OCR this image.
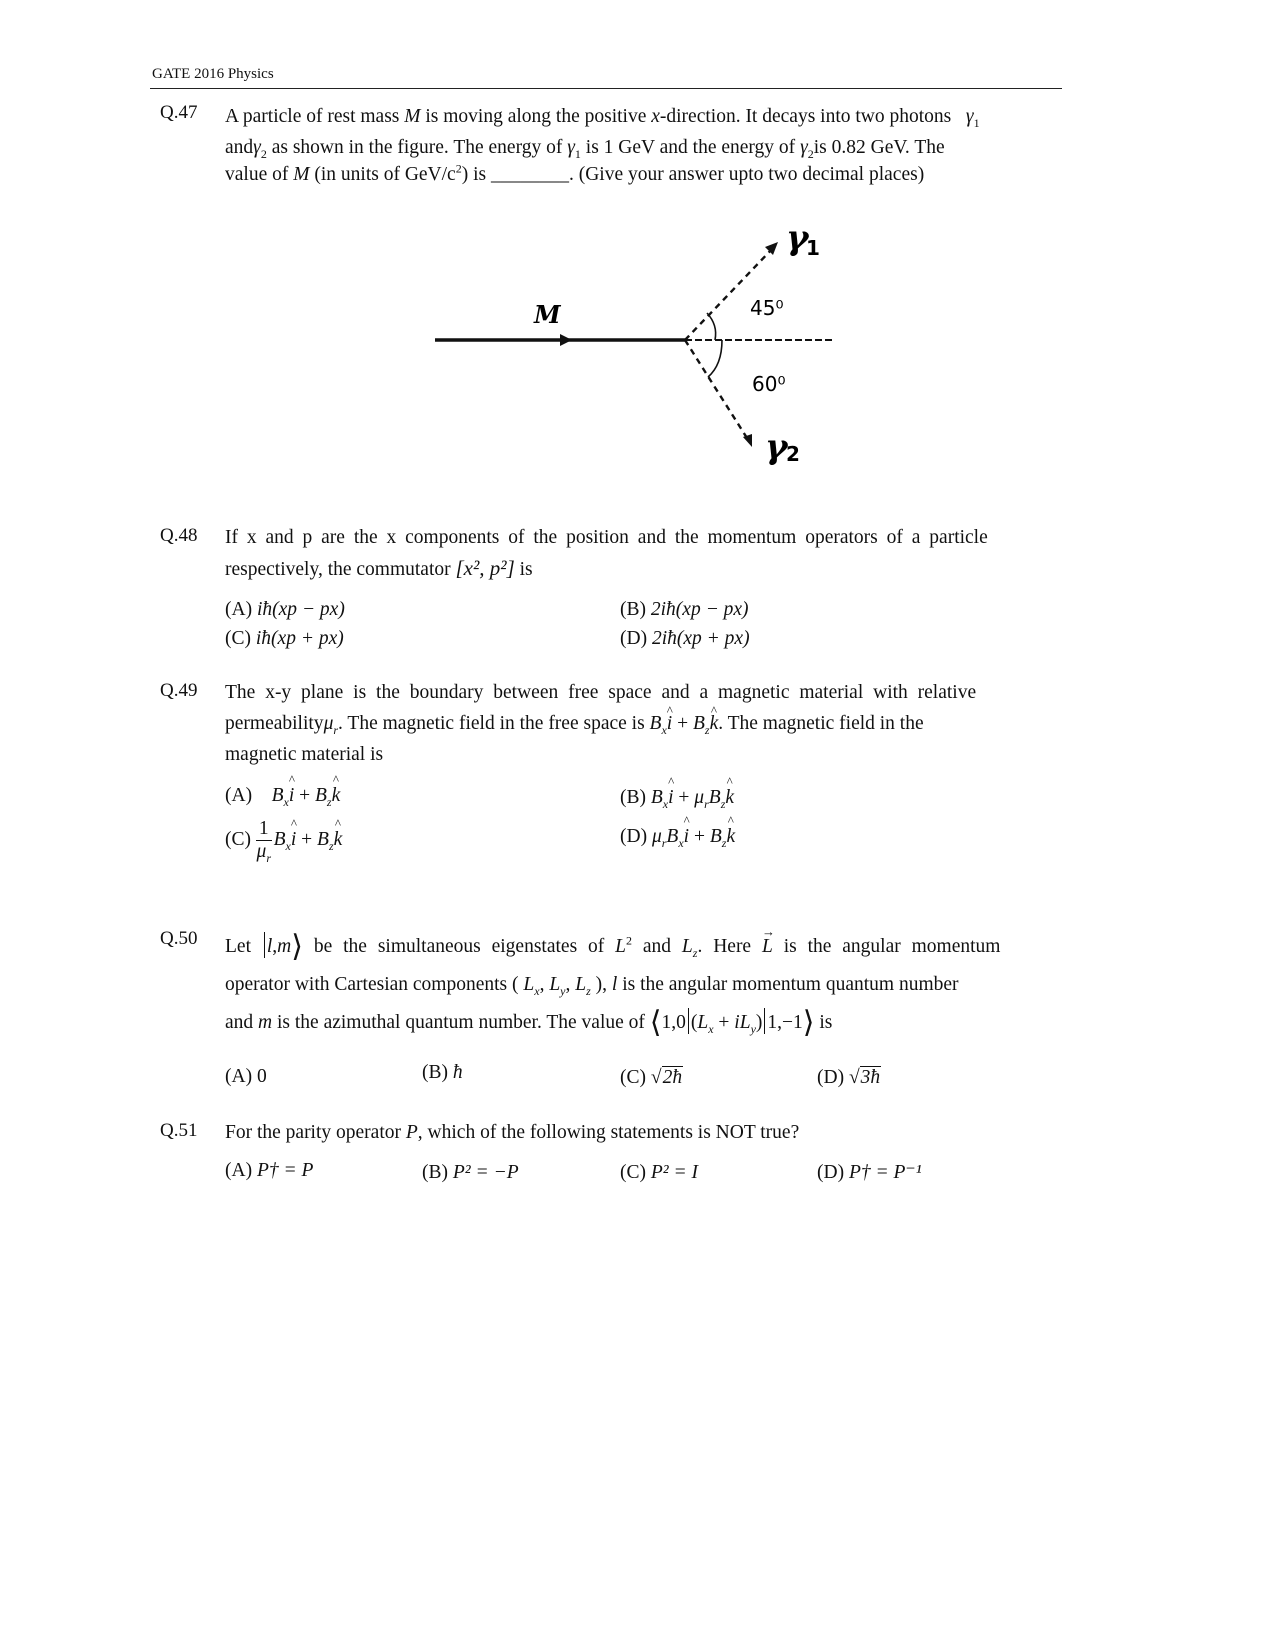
GATE 2016 Physics
Q.47 A particle of rest mass M is moving along the positive x-direction. It decays into two photons $\gamma_1$
andγ$_2$ as shown in the figure. The energy of $\gamma_1$ is 1 GeV and the energy of $\gamma_2is$ 0.82 GeV. The
value of M (in units of GeV/$c^2$) is ________. (Give your answer upto two decimal places)
M	45⁰
60⁰
γ
1
γ
2
Q.48 If x and p are the x components of the position and the momentum operators of a particle
respectively, the commutator [x², p²] is
(A) iħ(xp − px)	(B) 2iħ(xp − px)
(C) iħ(xp + px)	(D) 2iħ(xp + px)
Q.49 The x-y plane is the boundary between free space and a magnetic material with relative
permeabilityμ$_r$. The magnetic field in the free space is $B_x\^{}$ $i + B_z\^{}$ k. The magnetic field in the
magnetic material is
(A) $B_x\^{}$ $i + B_z\^{}$ k	(B) $B_x\^{}$ $i + \mu_rB_z\^{}$ k
$(C) \frac{1}{\mu_r}$ $B_x\^{}$ $i + B_z\^{}$ k	(D) $\mu_rB_x\^{}$ $i + B_z\^{}$ k
Q.50 Let l,m⟩ be the simultaneous eigenstates of $L^2$ and $L_z$. Here → L is the angular momentum
operator with Cartesian components ( $L_x$, $L_y$, $L_z$ ), l is the angular momentum quantum number
and m is the azimuthal quantum number. The value of ⟨1,0 $(L_x + iL_y)$ 1,−1⟩ is
(A) 0	(B) ħ	(C) √2ħ	(D) √3ħ
Q.51 For the parity operator P, which of the following statements is NOT true?
(A) P† = P	(B) P² = −P	(C) P² = I	(D) P† = P⁻¹
